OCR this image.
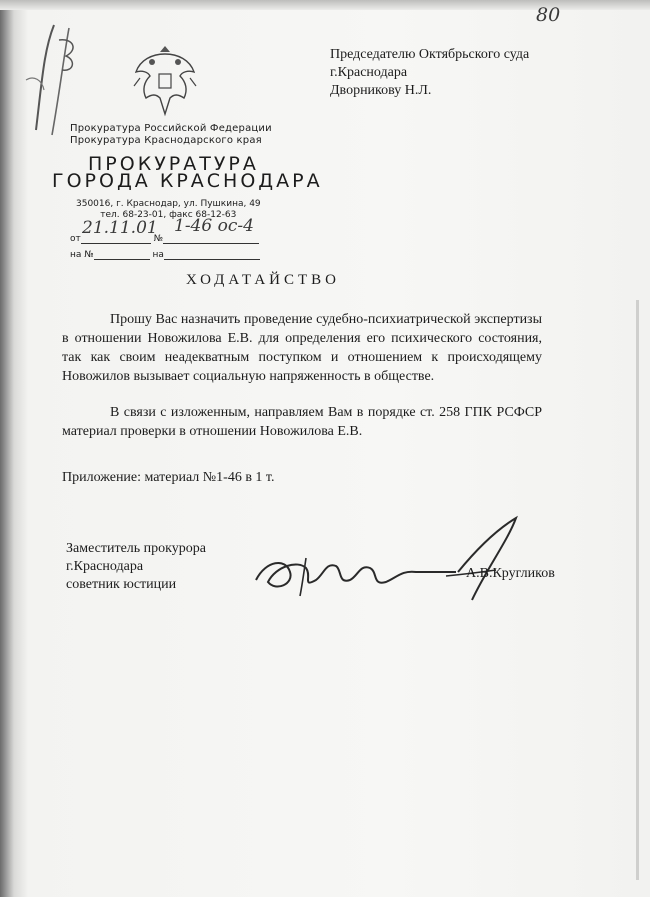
80
Председателю Октябрьского суда
г.Краснодара
Дворникову Н.Л.
Прокуратура Российской Федерации
Прокуратура Краснодарского края
ПРОКУРАТУРА
ГОРОДА КРАСНОДАРА
350016, г. Краснодар, ул. Пушкина, 49
тел. 68-23-01, факс 68-12-63
от	№
на №	на
21.11.01 1-46 ос-4
ХОДАТАЙСТВО
Прошу Вас назначить проведение судебно-психиатрической экспертизы в отношении Новожилова Е.В. для определения его психического состояния, так как своим неадекватным поступком и отношением к происходящему Новожилов вызывает социальную напряженность в обществе.
В связи с изложенным, направляем Вам в порядке ст. 258 ГПК РСФСР материал проверки в отношении Новожилова Е.В.
Приложение: материал №1-46 в 1 т.
Заместитель прокурора
г.Краснодара
советник юстиции
А.В.Кругликов
